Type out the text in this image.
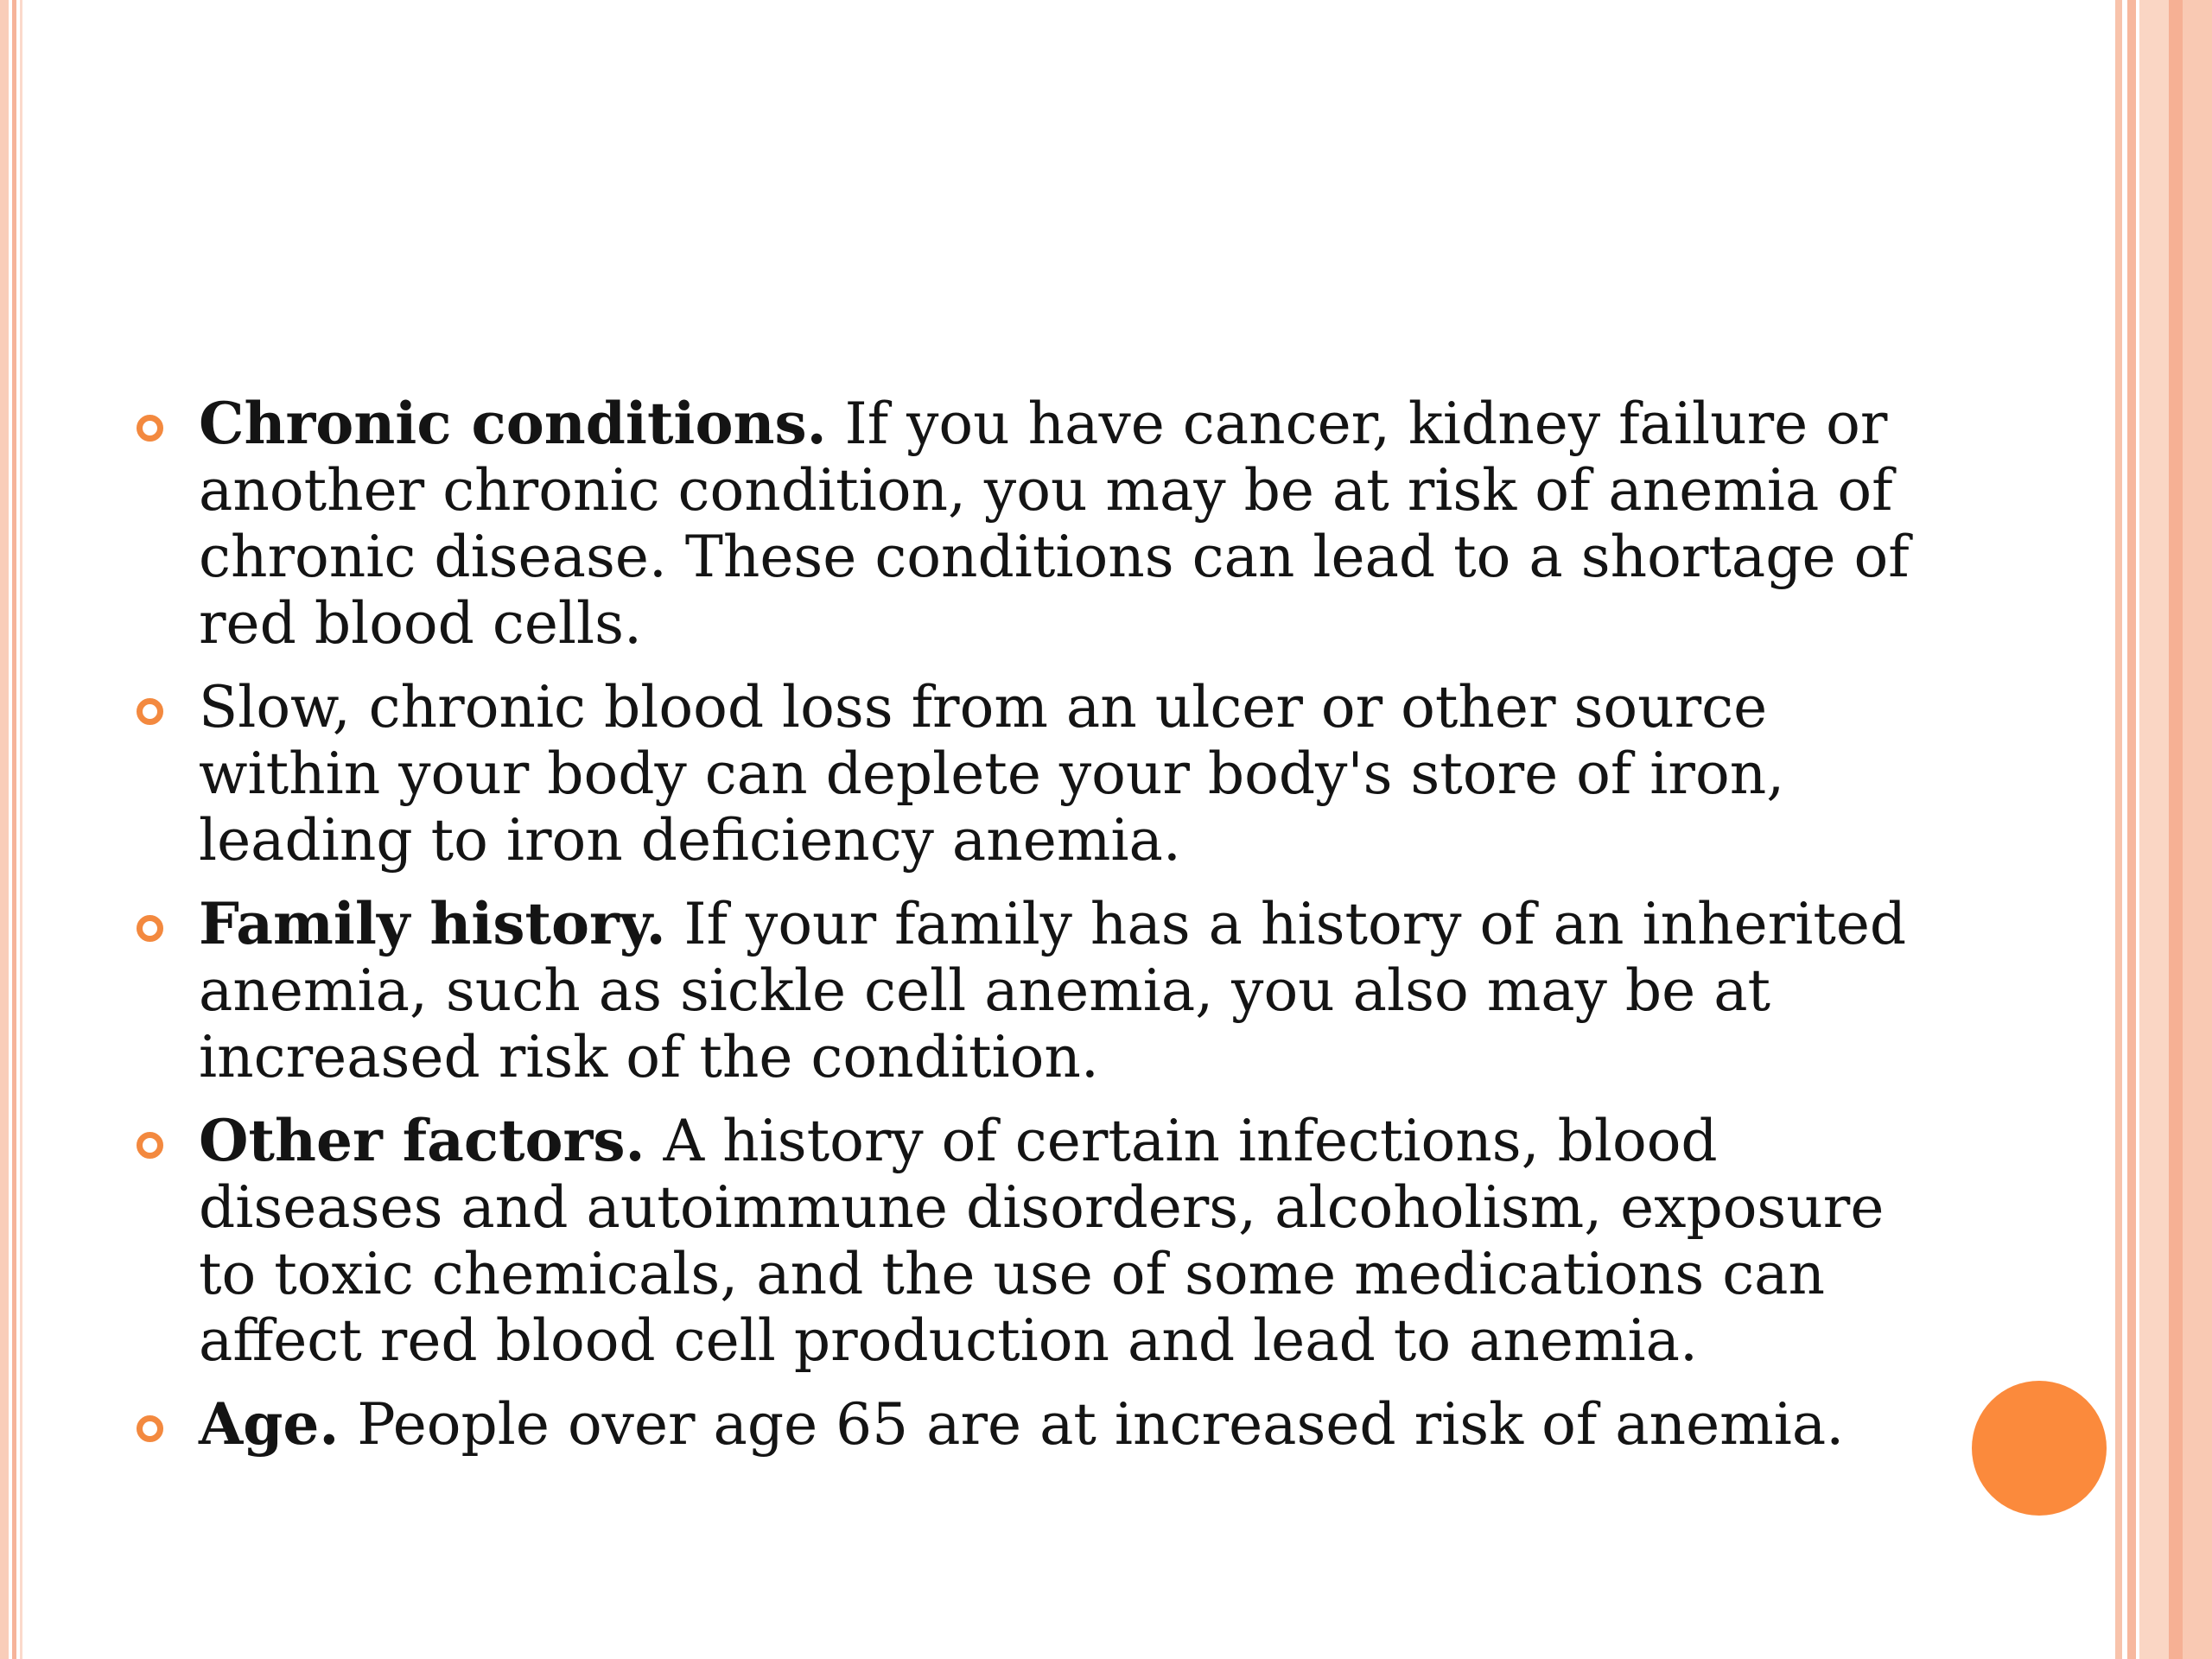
Chronic conditions. If you have cancer, kidney failure or another chronic condition, you may be at risk of anemia of chronic disease. These conditions can lead to a shortage of red blood cells.
Slow, chronic blood loss from an ulcer or other source within your body can deplete your body's store of iron, leading to iron deficiency anemia.
Family history. If your family has a history of an inherited anemia, such as sickle cell anemia, you also may be at increased risk of the condition.
Other factors. A history of certain infections, blood diseases and autoimmune disorders, alcoholism, exposure to toxic chemicals, and the use of some medications can affect red blood cell production and lead to anemia.
Age. People over age 65 are at increased risk of anemia.
